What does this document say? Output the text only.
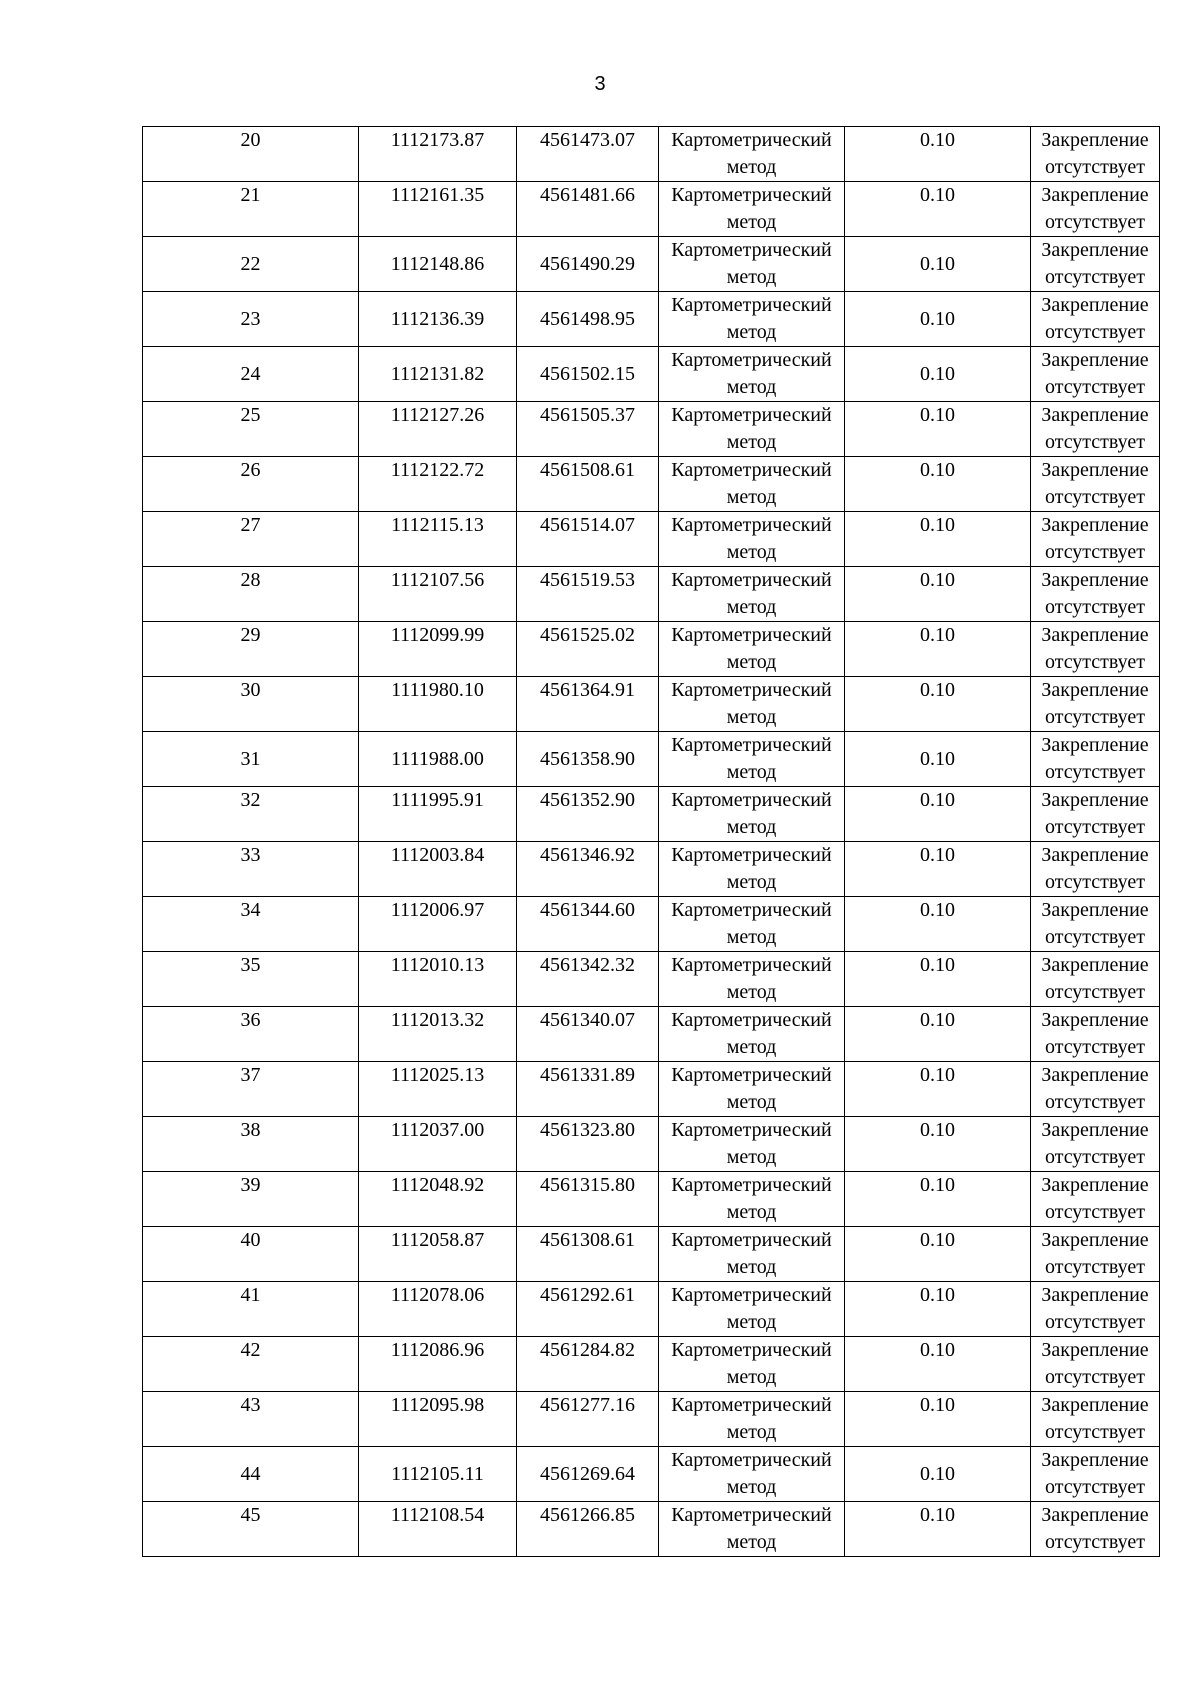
3
20	1112173.87	4561473.07	Картометрический
метод	0.10	Закрепление
отсутствует

21	1112161.35	4561481.66	Картометрический
метод	0.10	Закрепление
отсутствует

22	1112148.86	4561490.29	Картометрический
метод	0.10	Закрепление
отсутствует

23	1112136.39	4561498.95	Картометрический
метод	0.10	Закрепление
отсутствует

24	1112131.82	4561502.15	Картометрический
метод	0.10	Закрепление
отсутствует

25	1112127.26	4561505.37	Картометрический
метод	0.10	Закрепление
отсутствует

26	1112122.72	4561508.61	Картометрический
метод	0.10	Закрепление
отсутствует

27	1112115.13	4561514.07	Картометрический
метод	0.10	Закрепление
отсутствует

28	1112107.56	4561519.53	Картометрический
метод	0.10	Закрепление
отсутствует

29	1112099.99	4561525.02	Картометрический
метод	0.10	Закрепление
отсутствует

30	1111980.10	4561364.91	Картометрический
метод	0.10	Закрепление
отсутствует

31	1111988.00	4561358.90	Картометрический
метод	0.10	Закрепление
отсутствует

32	1111995.91	4561352.90	Картометрический
метод	0.10	Закрепление
отсутствует

33	1112003.84	4561346.92	Картометрический
метод	0.10	Закрепление
отсутствует

34	1112006.97	4561344.60	Картометрический
метод	0.10	Закрепление
отсутствует

35	1112010.13	4561342.32	Картометрический
метод	0.10	Закрепление
отсутствует

36	1112013.32	4561340.07	Картометрический
метод	0.10	Закрепление
отсутствует

37	1112025.13	4561331.89	Картометрический
метод	0.10	Закрепление
отсутствует

38	1112037.00	4561323.80	Картометрический
метод	0.10	Закрепление
отсутствует

39	1112048.92	4561315.80	Картометрический
метод	0.10	Закрепление
отсутствует

40	1112058.87	4561308.61	Картометрический
метод	0.10	Закрепление
отсутствует

41	1112078.06	4561292.61	Картометрический
метод	0.10	Закрепление
отсутствует

42	1112086.96	4561284.82	Картометрический
метод	0.10	Закрепление
отсутствует

43	1112095.98	4561277.16	Картометрический
метод	0.10	Закрепление
отсутствует

44	1112105.11	4561269.64	Картометрический
метод	0.10	Закрепление
отсутствует

45	1112108.54	4561266.85	Картометрический
метод	0.10	Закрепление
отсутствует
